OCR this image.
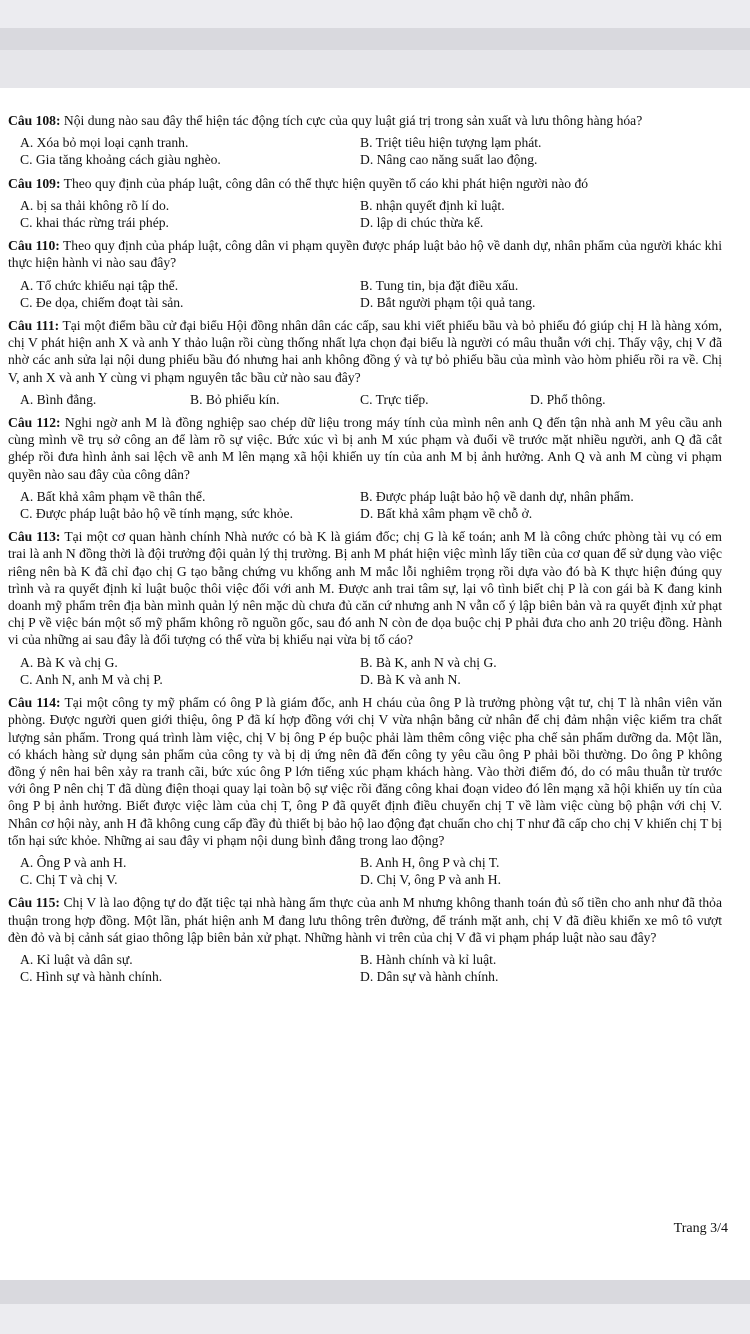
Câu 108: Nội dung nào sau đây thể hiện tác động tích cực của quy luật giá trị trong sản xuất và lưu thông hàng hóa?

A. Xóa bỏ mọi loại cạnh tranh.	B. Triệt tiêu hiện tượng lạm phát.
C. Gia tăng khoảng cách giàu nghèo.	D. Nâng cao năng suất lao động.

Câu 109: Theo quy định của pháp luật, công dân có thể thực hiện quyền tố cáo khi phát hiện người nào đó

A. bị sa thải không rõ lí do.	B. nhận quyết định kỉ luật.
C. khai thác rừng trái phép.	D. lập di chúc thừa kế.

Câu 110: Theo quy định của pháp luật, công dân vi phạm quyền được pháp luật bảo hộ về danh dự, nhân phẩm của người khác khi thực hiện hành vi nào sau đây?

A. Tổ chức khiếu nại tập thể.	B. Tung tin, bịa đặt điều xấu.
C. Đe dọa, chiếm đoạt tài sản.	D. Bắt người phạm tội quả tang.

Câu 111: Tại một điểm bầu cử đại biểu Hội đồng nhân dân các cấp, sau khi viết phiếu bầu và bỏ phiếu đó giúp chị H là hàng xóm, chị V phát hiện anh X và anh Y thảo luận rồi cùng thống nhất lựa chọn đại biểu là người có mâu thuẫn với chị. Thấy vậy, chị V đã nhờ các anh sửa lại nội dung phiếu bầu đó nhưng hai anh không đồng ý và tự bỏ phiếu bầu của mình vào hòm phiếu rồi ra về. Chị V, anh X và anh Y cùng vi phạm nguyên tắc bầu cử nào sau đây?

A. Bình đẳng.	B. Bỏ phiếu kín.	C. Trực tiếp.	D. Phổ thông.

Câu 112: Nghi ngờ anh M là đồng nghiệp sao chép dữ liệu trong máy tính của mình nên anh Q đến tận nhà anh M yêu cầu anh cùng mình về trụ sở công an để làm rõ sự việc. Bức xúc vì bị anh M xúc phạm và đuổi về trước mặt nhiều người, anh Q đã cắt ghép rồi đưa hình ảnh sai lệch về anh M lên mạng xã hội khiến uy tín của anh M bị ảnh hưởng. Anh Q và anh M cùng vi phạm quyền nào sau đây của công dân?

A. Bất khả xâm phạm về thân thể.	B. Được pháp luật bảo hộ về danh dự, nhân phẩm.
C. Được pháp luật bảo hộ về tính mạng, sức khỏe.	D. Bất khả xâm phạm về chỗ ở.

Câu 113: Tại một cơ quan hành chính Nhà nước có bà K là giám đốc; chị G là kế toán; anh M là công chức phòng tài vụ có em trai là anh N đồng thời là đội trưởng đội quản lý thị trường. Bị anh M phát hiện việc mình lấy tiền của cơ quan để sử dụng vào việc riêng nên bà K đã chỉ đạo chị G tạo bằng chứng vu khống anh M mắc lỗi nghiêm trọng rồi dựa vào đó bà K thực hiện đúng quy trình và ra quyết định kỉ luật buộc thôi việc đối với anh M. Được anh trai tâm sự, lại vô tình biết chị P là con gái bà K đang kinh doanh mỹ phẩm trên địa bàn mình quản lý nên mặc dù chưa đủ căn cứ nhưng anh N vẫn cố ý lập biên bản và ra quyết định xử phạt chị P về việc bán một số mỹ phẩm không rõ nguồn gốc, sau đó anh N còn đe dọa buộc chị P phải đưa cho anh 20 triệu đồng. Hành vi của những ai sau đây là đối tượng có thể vừa bị khiếu nại vừa bị tố cáo?

A. Bà K và chị G.	B. Bà K, anh N và chị G.
C. Anh N, anh M và chị P.	D. Bà K và anh N.

Câu 114: Tại một công ty mỹ phẩm có ông P là giám đốc, anh H cháu của ông P là trưởng phòng vật tư, chị T là nhân viên văn phòng. Được người quen giới thiệu, ông P đã kí hợp đồng với chị V vừa nhận bằng cử nhân để chị đảm nhận việc kiểm tra chất lượng sản phẩm. Trong quá trình làm việc, chị V bị ông P ép buộc phải làm thêm công việc pha chế sản phẩm dưỡng da. Một lần, có khách hàng sử dụng sản phẩm của công ty và bị dị ứng nên đã đến công ty yêu cầu ông P phải bồi thường. Do ông P không đồng ý nên hai bên xảy ra tranh cãi, bức xúc ông P lớn tiếng xúc phạm khách hàng. Vào thời điểm đó, do có mâu thuẫn từ trước với ông P nên chị T đã dùng điện thoại quay lại toàn bộ sự việc rồi đăng công khai đoạn video đó lên mạng xã hội khiến uy tín của ông P bị ảnh hưởng. Biết được việc làm của chị T, ông P đã quyết định điều chuyển chị T về làm việc cùng bộ phận với chị V. Nhân cơ hội này, anh H đã không cung cấp đầy đủ thiết bị bảo hộ lao động đạt chuẩn cho chị T như đã cấp cho chị V khiến chị T bị tổn hại sức khỏe. Những ai sau đây vi phạm nội dung bình đẳng trong lao động?

A. Ông P và anh H.	B. Anh H, ông P và chị T.
C. Chị T và chị V.	D. Chị V, ông P và anh H.

Câu 115: Chị V là lao động tự do đặt tiệc tại nhà hàng ẩm thực của anh M nhưng không thanh toán đủ số tiền cho anh như đã thỏa thuận trong hợp đồng. Một lần, phát hiện anh M đang lưu thông trên đường, để tránh mặt anh, chị V đã điều khiển xe mô tô vượt đèn đỏ và bị cảnh sát giao thông lập biên bản xử phạt. Những hành vi trên của chị V đã vi phạm pháp luật nào sau đây?

A. Kỉ luật và dân sự.	B. Hành chính và kỉ luật.
C. Hình sự và hành chính.	D. Dân sự và hành chính.
Trang 3/4
